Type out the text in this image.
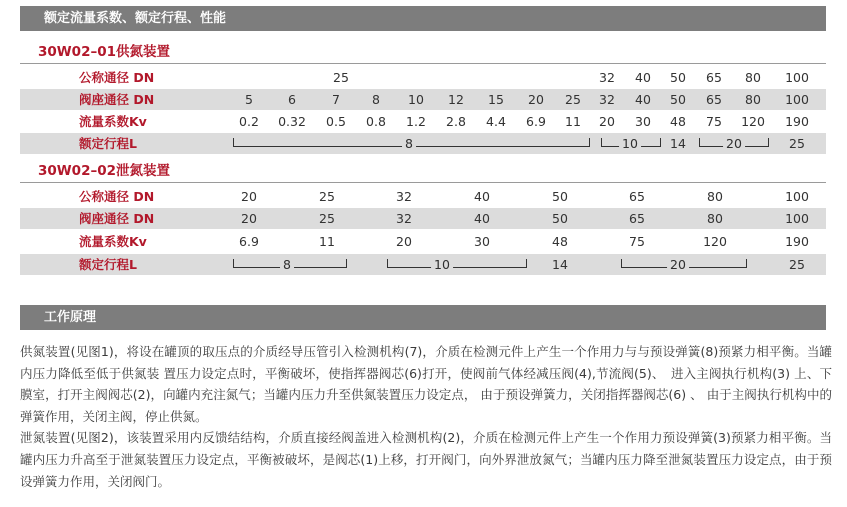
额定流量系数、额定行程、性能
30W02–01供氮装置
公称通径 DN	25	32 40 50 65 80 100
阀座通径 DN	5	6	7	8 10 12 15 20 25 32 40 50 65 80 100
流量系数Kv	0.2 0.32 0.5 0.8 1.2 2.8 4.4 6.9 11 20 30 48 75 120 190
额定行程L	8	10	14	20	25
30W02–02泄氮装置
公称通径 DN	20	25	32	40	50	65	80	100
阀座通径 DN	20	25	32	40	50	65	80	100
流量系数Kv	6.9	11	20	30	48	75	120	190
额定行程L	8	10	14	20	25
工作原理

供氮装置(见图1)，将设在罐顶的取压点的介质经导压管引入检测机构(7)，介质在检测元件上产生一个作用力与与预设弹簧(8)预紧力相平衡。当罐内压力降低至低于供氮装 置压力设定点时，平衡破坏，使指挥器阀芯(6)打开，使阀前气体经减压阀(4),节流阀(5)、　进入主阀执行机构(3) 上、下膜室，打开主阀阀芯(2)，向罐内充注氮气；当罐内压力升至供氮装置压力设定点， 由于预设弹簧力，关闭指挥器阀芯(6) 、 由于主阀执行机构中的弹簧作用，关闭主阀，停止供氮。

泄氮装置(见图2)，该装置采用内反馈结结构，介质直接经阀盖进入检测机构(2)，介质在检测元件上产生一个作用力预设弹簧(3)预紧力相平衡。当罐内压力升高至于泄氮装置压力设定点，平衡被破坏，是阀芯(1)上移，打开阀门，向外界泄放氮气；当罐内压力降至泄氮装置压力设定点，由于预设弹簧力作用，关闭阀门。
